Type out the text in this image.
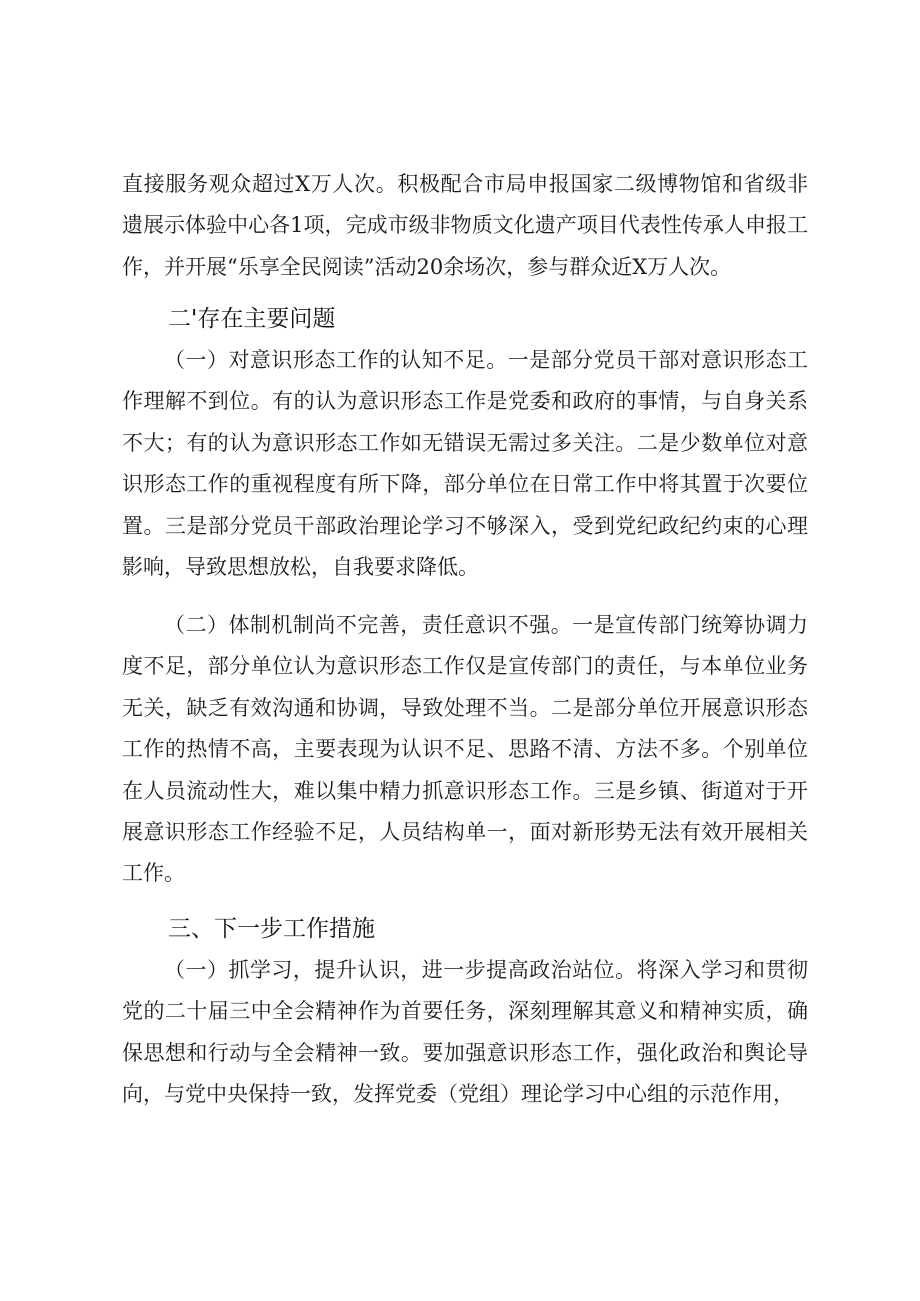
直接服务观众超过X万人次。积极配合市局申报国家二级博物馆和省级非遗展示体验中心各1项，完成市级非物质文化遗产项目代表性传承人申报工作，并开展“乐享全民阅读”活动20余场次，参与群众近X万人次。

二'存在主要问题

（一）对意识形态工作的认知不足。一是部分党员干部对意识形态工作理解不到位。有的认为意识形态工作是党委和政府的事情，与自身关系不大；有的认为意识形态工作如无错误无需过多关注。二是少数单位对意识形态工作的重视程度有所下降，部分单位在日常工作中将其置于次要位置。三是部分党员干部政治理论学习不够深入，受到党纪政纪约束的心理影响，导致思想放松，自我要求降低。

（二）体制机制尚不完善，责任意识不强。一是宣传部门统筹协调力度不足，部分单位认为意识形态工作仅是宣传部门的责任，与本单位业务无关，缺乏有效沟通和协调，导致处理不当。二是部分单位开展意识形态工作的热情不高，主要表现为认识不足、思路不清、方法不多。个别单位在人员流动性大，难以集中精力抓意识形态工作。三是乡镇、街道对于开展意识形态工作经验不足，人员结构单一，面对新形势无法有效开展相关工作。

三、下一步工作措施

（一）抓学习，提升认识，进一步提高政治站位。将深入学习和贯彻党的二十届三中全会精神作为首要任务，深刻理解其意义和精神实质，确保思想和行动与全会精神一致。要加强意识形态工作，强化政治和舆论导向，与党中央保持一致，发挥党委（党组）理论学习中心组的示范作用，
